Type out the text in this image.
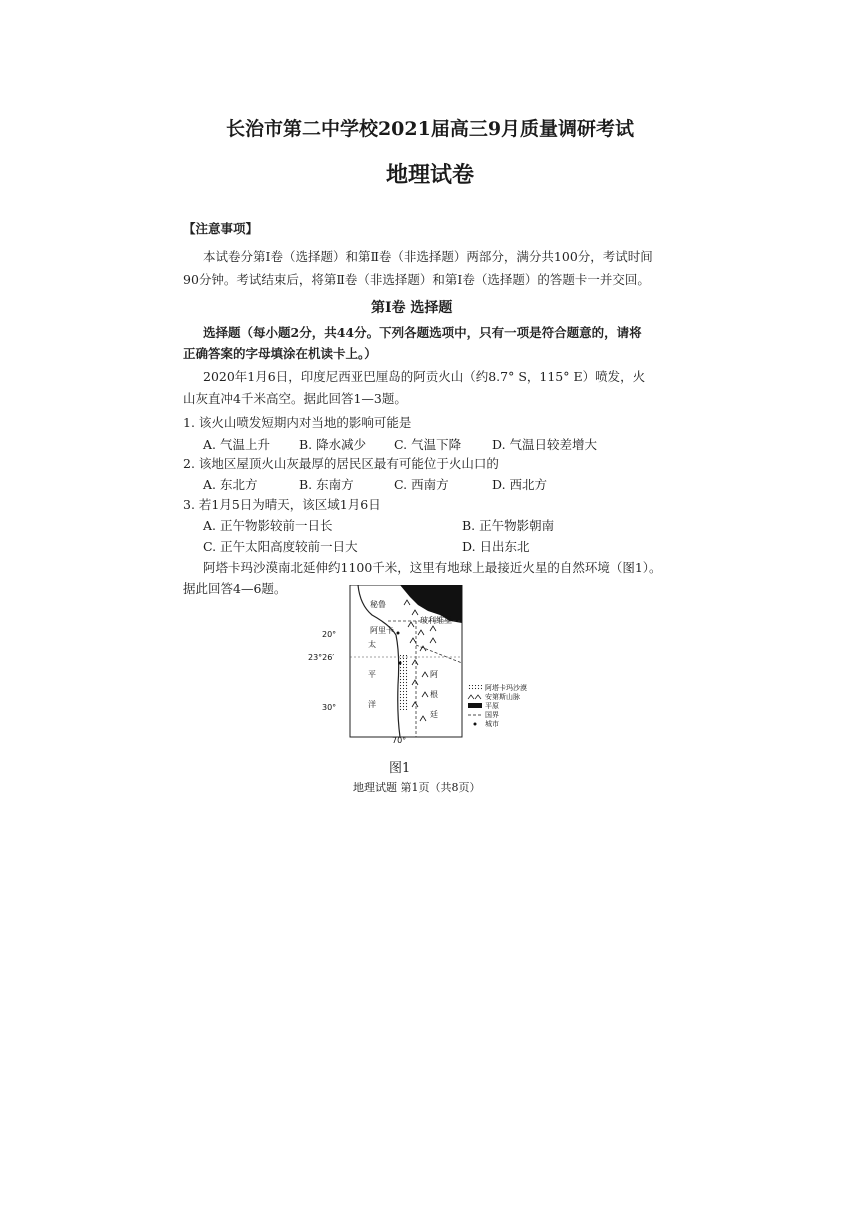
长治市第二中学校2021届高三9月质量调研考试
地理试卷
【注意事项】
本试卷分第Ⅰ卷（选择题）和第Ⅱ卷（非选择题）两部分，满分共100分，考试时间
90分钟。考试结束后，将第Ⅱ卷（非选择题）和第Ⅰ卷（选择题）的答题卡一并交回。
第Ⅰ卷 选择题
选择题（每小题2分，共44分。下列各题选项中，只有一项是符合题意的，请将
正确答案的字母填涂在机读卡上。）
2020年1月6日，印度尼西亚巴厘岛的阿贡火山（约8.7° S，115° E）喷发，火
山灰直冲4千米高空。据此回答1—3题。
1. 该火山喷发短期内对当地的影响可能是
A. 气温上升 B. 降水减少 C. 气温下降 D. 气温日较差增大
2. 该地区屋顶火山灰最厚的居民区最有可能位于火山口的
A. 东北方	B. 东南方	C. 西南方	D. 西北方
3. 若1月5日为晴天，该区域1月6日
A. 正午物影较前一日长	B. 正午物影朝南
C. 正午太阳高度较前一日大	D. 日出东北
阿塔卡玛沙漠南北延伸约1100千米，这里有地球上最接近火星的自然环境（图1）。
据此回答4—6题。
20°
23°26′
30°
70°
秘鲁
玻利维亚
阿里卡
太
平
洋
阿
根
廷
阿塔卡玛沙漠
安第斯山脉
平原
国界
城市
图1
地理试题 第1页（共8页）
